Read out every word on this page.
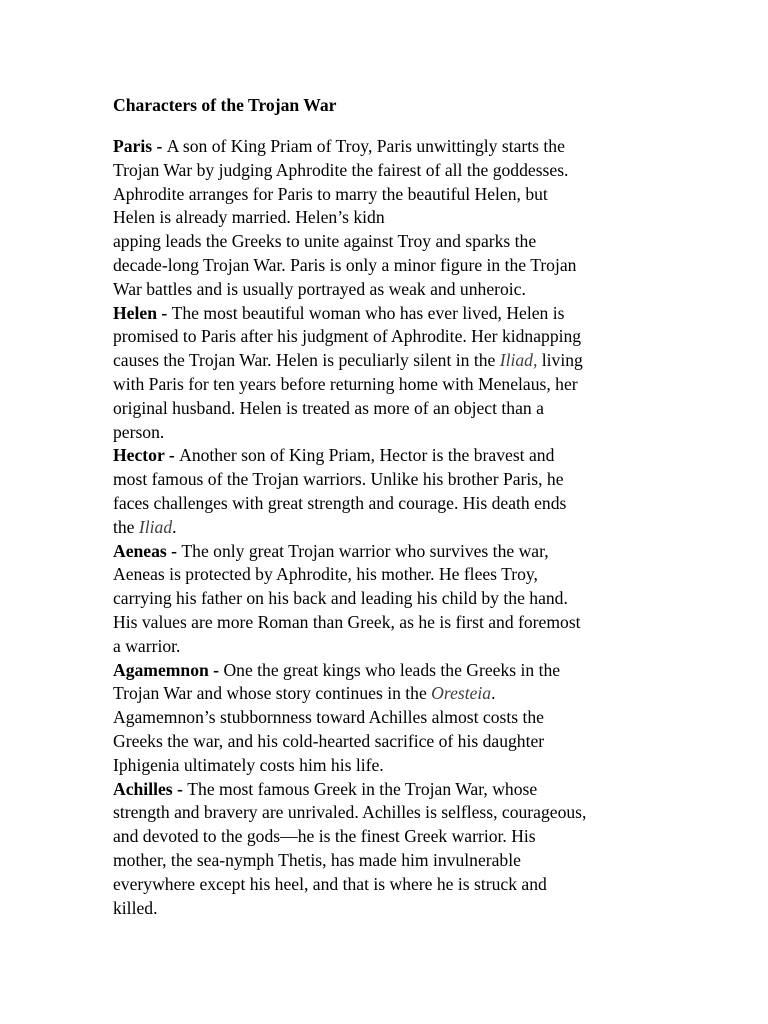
Characters of the Trojan War
Paris - A son of King Priam of Troy, Paris unwittingly starts the
Trojan War by judging Aphrodite the fairest of all the goddesses.
Aphrodite arranges for Paris to marry the beautiful Helen, but
Helen is already married. Helen’s kidn
apping leads the Greeks to unite against Troy and sparks the
decade-long Trojan War. Paris is only a minor figure in the Trojan
War battles and is usually portrayed as weak and unheroic.
Helen - The most beautiful woman who has ever lived, Helen is
promised to Paris after his judgment of Aphrodite. Her kidnapping
causes the Trojan War. Helen is peculiarly silent in the Iliad, living
with Paris for ten years before returning home with Menelaus, her
original husband. Helen is treated as more of an object than a
person.
Hector - Another son of King Priam, Hector is the bravest and
most famous of the Trojan warriors. Unlike his brother Paris, he
faces challenges with great strength and courage. His death ends
the Iliad.
Aeneas - The only great Trojan warrior who survives the war,
Aeneas is protected by Aphrodite, his mother. He flees Troy,
carrying his father on his back and leading his child by the hand.
His values are more Roman than Greek, as he is first and foremost
a warrior.
Agamemnon - One the great kings who leads the Greeks in the
Trojan War and whose story continues in the Oresteia.
Agamemnon’s stubbornness toward Achilles almost costs the
Greeks the war, and his cold-hearted sacrifice of his daughter
Iphigenia ultimately costs him his life.
Achilles - The most famous Greek in the Trojan War, whose
strength and bravery are unrivaled. Achilles is selfless, courageous,
and devoted to the gods—he is the finest Greek warrior. His
mother, the sea-nymph Thetis, has made him invulnerable
everywhere except his heel, and that is where he is struck and
killed.
